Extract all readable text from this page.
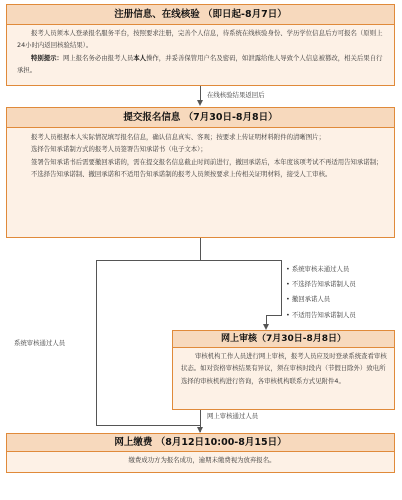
注册信息、在线核验 （即日起-8月7日）

报考人员须本人登录报名服务平台，按照要求注册，完善个人信息，待系统在线核验身份、学历学位信息后方可报名（原则上24小时内返回核验结果）。

特别提示：网上报名务必由报考人员本人操作，并妥善保管用户名及密码，如泄露给他人导致个人信息被篡改，相关后果自行承担。

在线核验结果返回后
提交报名信息 （7月30日-8月8日）

报考人员根据本人实际情况填写报名信息，确认信息真实、客观；按要求上传证明材料附件的清晰图片；

选择告知承诺制方式的报考人员签署告知承诺书（电子文本）；

签署告知承诺书后需要撤回承诺的，需在提交报名信息截止时间前进行，撤回承诺后，本年度该项考试不再适用告知承诺制；

不选择告知承诺制、撤回承诺和不适用告知承诺制的报考人员须按要求上传相关证明材料，接受人工审核。

• 系统审核未通过人员
• 不选择告知承诺制人员
• 撤回承诺人员
• 不适用告知承诺制人员
系统审核通过人员	网上审核（7月30日-8月8日）

审核机构工作人员进行网上审核，报考人员应及时登录系统查看审核状态。如对资格审核结果有异议，须在审核时段内（节假日除外）致电所选择的审核机构进行咨询，各审核机构联系方式见附件4。

网上审核通过人员
网上缴费 （8月12日10:00-8月15日）

缴费成功方为报名成功，逾期未缴费视为放弃报名。
